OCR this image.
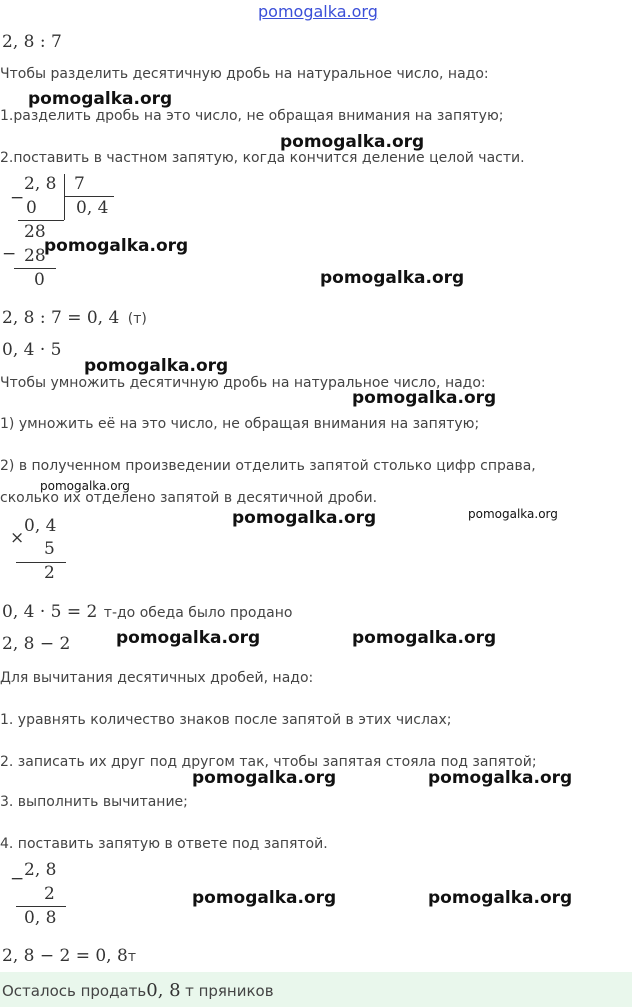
pomogalka.org
2, 8 : 7
Чтобы разделить десятичную дробь на натуральное число, надо:
pomogalka.org
1.разделить дробь на это число, не обращая внимания на запятую;
pomogalka.org
2.поставить в частном запятую, когда кончится деление целой части.
2, 8 7
− 0 0, 4
28
− 28
0
pomogalka.org
pomogalka.org
2, 8 : 7 = 0, 4 (т)
0, 4 · 5
pomogalka.org
Чтобы умножить десятичную дробь на натуральное число, надо:
pomogalka.org
1) умножить её на это число, не обращая внимания на запятую;
2) в полученном произведении отделить запятой столько цифр справа,
сколько их отделено запятой в десятичной дроби.
pomogalka.org
pomogalka.org	pomogalka.org
×
0, 4
5
2
0, 4 · 5 = 2 т-до обеда было продано
2, 8 − 2	pomogalka.org	pomogalka.org
Для вычитания десятичных дробей, надо:
1. уравнять количество знаков после запятой в этих числах;
2. записать их друг под другом так, чтобы запятая стояла под запятой;
pomogalka.org	pomogalka.org
3. выполнить вычитание;
4. поставить запятую в ответе под запятой.
− 2, 8
2
0, 8
pomogalka.org	pomogalka.org
2, 8 − 2 = 0, 8т
Осталось продать0, 8 т пряников
